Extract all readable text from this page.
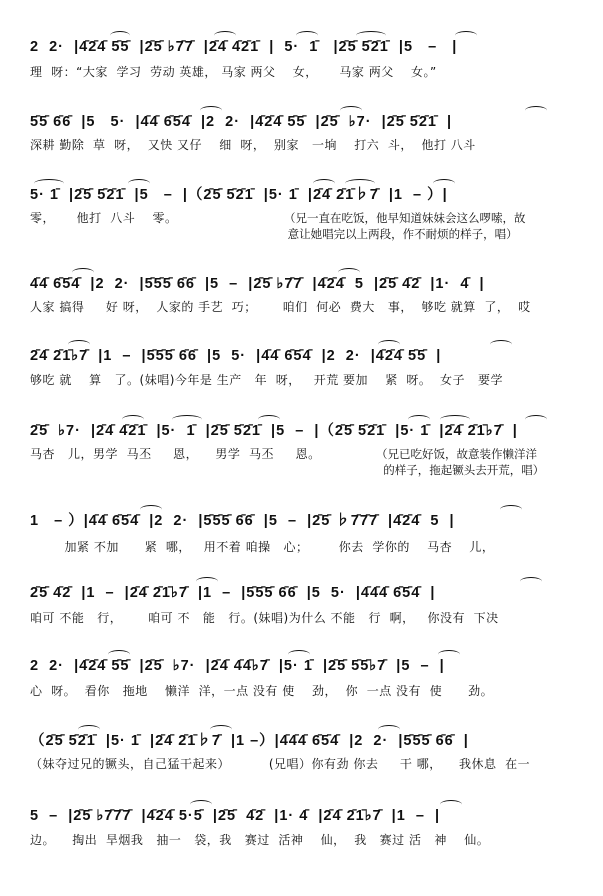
2  2·  |4̄2̄4̄ 5̄5̄  |2̄5̄ ♭7̄7̄  |2̄4̄ 4̄2̄1̄  |  5·  1̄   |2̄5̄ 5̄2̄1̄  |5   –   |
理  呀：“大家  学习  劳动 英雄， 马家 两父    女，     马家 两父    女。”
5̄5̄ 6̄6̄  |5   5·  |4̄4̄ 6̄5̄4̄  |2  2·  |4̄2̄4̄ 5̄5̄  |2̄5̄  ♭7·  |2̄5̄ 5̄2̄1̄  |
深耕 勤除  草  呀，  又快 又仔    细  呀，  别家   一垧    打六  斗，  他打 八斗
5· 1̄  |2̄5̄ 5̄2̄1̄  |5   –  |（2̄5̄ 5̄2̄1̄  |5· 1̄  |2̄4̄ 2̄1̄♭7̄  |1  – ）|
零，     他打  八斗    零。	（兄一直在吃饭，他早知道妹妹会这么啰嗦，故
意让她唱完以上两段，作不耐烦的样子，唱）
4̄4̄ 6̄5̄4̄  |2  2·  |5̄5̄5̄ 6̄6̄  |5  –  |2̄5̄ ♭7̄7̄  |4̄2̄4̄  5  |2̄5̄ 4̄2̄  |1·  4̄  |
人家 搞得     好 呀，  人家的 手艺  巧；      咱们  何必  费大   事，  够吃 就算  了，  哎
2̄4̄ 2̄1̄♭7̄  |1  –  |5̄5̄5̄ 6̄6̄  |5  5·  |4̄4̄ 6̄5̄4̄  |2  2·  |4̄2̄4̄ 5̄5̄  |
够吃 就    算   了。(妹唱)今年是 生产   年  呀，   开荒 要加    紧  呀。  女子   要学
2̄5̄  ♭7·  |2̄4̄ 4̄2̄1̄  |5·  1̄  |2̄5̄ 5̄2̄1̄  |5  –  |（2̄5̄ 5̄2̄1̄  |5· 1̄  |2̄4̄ 2̄1̄♭7̄  |
马杏   儿，男学  马丕     恩，    男学  马丕     恩。	（兄已吃好饭，故意装作懒洋洋
的样子，拖起镢头去开荒，唱）
1   – ）|4̄4̄ 6̄5̄4̄  |2  2·  |5̄5̄5̄ 6̄6̄  |5  –  |2̄5̄ ♭7̄7̄7̄  |4̄2̄4̄  5  |
加紧 不加      紧  哪，   用不着 咱操   心；       你去  学你的    马杏    儿，
2̄5̄ 4̄2̄  |1  –  |2̄4̄ 2̄1̄♭7̄  |1  –  |5̄5̄5̄ 6̄6̄  |5  5·  |4̄4̄4̄ 6̄5̄4̄  |
咱可 不能   行，      咱可 不   能   行。(妹唱)为什么 不能   行  啊，   你没有  下决
2  2·  |4̄2̄4̄ 5̄5̄  |2̄5̄  ♭7·  |2̄4̄ 4̄4̄♭7̄  |5· 1̄  |2̄5̄ 5̄5̄♭7̄  |5  –  |
心  呀。  看你   拖地    懒洋  洋，一点 没有 使    劲，  你  一点 没有  使      劲。
（2̄5̄ 5̄2̄1̄  |5· 1̄  |2̄4̄ 2̄1̄♭7̄  |1 –）|4̄4̄4̄ 6̄5̄4̄  |2  2·  |5̄5̄5̄ 6̄6̄  |
（妹夺过兄的镢头，自己猛干起来）         (兄唱）你有劲 你去     干 哪，    我休息  在一
5  –  |2̄5̄ ♭7̄7̄7̄  |4̄2̄4̄ 5·5̄  |2̄5̄  4̄2̄  |1· 4̄  |2̄4̄ 2̄1̄♭7̄  |1  –  |
边。    掏出  旱烟我   抽一   袋，我   赛过  活神    仙，  我   赛过 活   神    仙。
